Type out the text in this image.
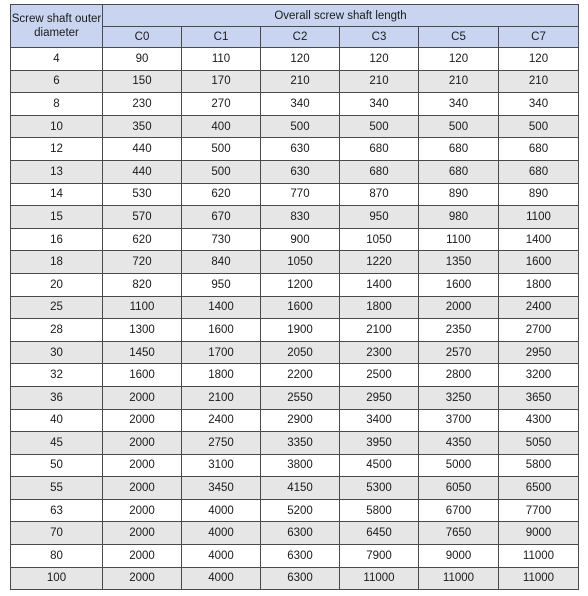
Screw shaft outer diameter	Overall screw shaft length					
	C0	C1	C2	C3	C5	C7
4	90	110	120	120	120	120
6	150	170	210	210	210	210
8	230	270	340	340	340	340
10	350	400	500	500	500	500
12	440	500	630	680	680	680
13	440	500	630	680	680	680
14	530	620	770	870	890	890
15	570	670	830	950	980	1100
16	620	730	900	1050	1100	1400
18	720	840	1050	1220	1350	1600
20	820	950	1200	1400	1600	1800
25	1100	1400	1600	1800	2000	2400
28	1300	1600	1900	2100	2350	2700
30	1450	1700	2050	2300	2570	2950
32	1600	1800	2200	2500	2800	3200
36	2000	2100	2550	2950	3250	3650
40	2000	2400	2900	3400	3700	4300
45	2000	2750	3350	3950	4350	5050
50	2000	3100	3800	4500	5000	5800
55	2000	3450	4150	5300	6050	6500
63	2000	4000	5200	5800	6700	7700
70	2000	4000	6300	6450	7650	9000
80	2000	4000	6300	7900	9000	11000
100	2000	4000	6300	11000	11000	11000
